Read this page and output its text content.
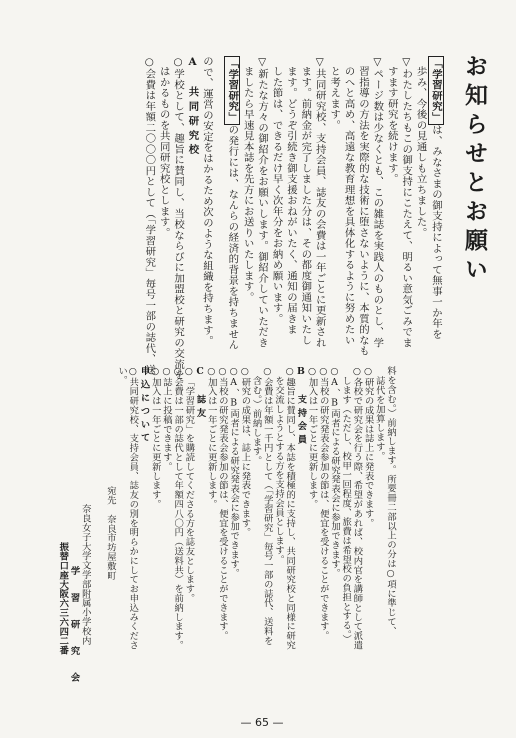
お知らせとお願い
「学習研究」は、みなさまの御支持によって無事一か年を
歩み、今後の見通しも立ちました。
▽わたしたちもこの御支持にこたえて、明るい意気ごみでま
すます研究を続けます。
▽ページ数は少なくとも、この雑誌を実践人のものとし、学
習指導の方法を実際的な技術に堕さないように、本質的なも
のへと高め、高遠な教育理想を具体化するように努めたい
と考えます。
▽共同研究校、支持会員、誌友の会費は一年ごとに更新され
ます。前納金が完了しました分は、その都度御通知いたし
ます。どうぞ引続き御支援おねがいたく、通知の届きま
した節は、できるだけ早く次年分をお納め願います。
▽新たな方々の御紹介をお願いします。御紹介していただき
ましたら早速見本誌を先方にお送りいたします。
「学習研究」の発行には、なんらの経済的背景を持ちません
ので、運営の安定をはかるため次のような組織を持ちます。
A　共同研究校
○学校として、趣旨に賛同し、当校ならびに加盟校と研究の交流を
はかるものを共同研究校とします。
○会費は年額二〇〇〇円として（「学習研究」毎号一部の誌代、送
料を含む。）前納します。所要冊二部以上の分は○項に準じて、
誌代を加算します。
○研究の成果は誌上に発表できます。
○各校で研究会を行う際、希望があれば、校内官を講師として派遣
します（ただし、校甲一回程度、旅費は希望校の負担とする。）
○A、B両者による研究発表会に参加できます。
○当校の研究発表会参加の節は、便宜を受けることができます。
○加入は一年ごとに更新します。
B　支持会員
○趣旨に賛同し、本誌を積極的に支持し、共同研究校と同様に研究
を交流しようとする方を支持会員とします。
○会費は年額一千円として（「学習研究」毎号一部の誌代、送料を
含む。）前納します。
○研究の成果は、誌上に発表できます。
○A、B両者による研究発表会に参加できます。
○当校の研究発表会参加の節は、便宜を受けることができます。
○加入は一年ごとに更新します。
C　誌友
○「学習研究」を購読してくださる方を誌友とします。
○会費は一部の誌代として年額四八〇円（送料共）を前納します。
○誌上に投稿できます。
○加入は一年ごとに更新します。
申込について
○共同研究校、支持会員、誌友の別を明らかにしてお申込みくださ
い。
宛先　奈良市坊屋敷町
奈良女子大学文学部附属小学校内
学　習　研　究　会
振替口座大阪六三六四二番
— 65 —
